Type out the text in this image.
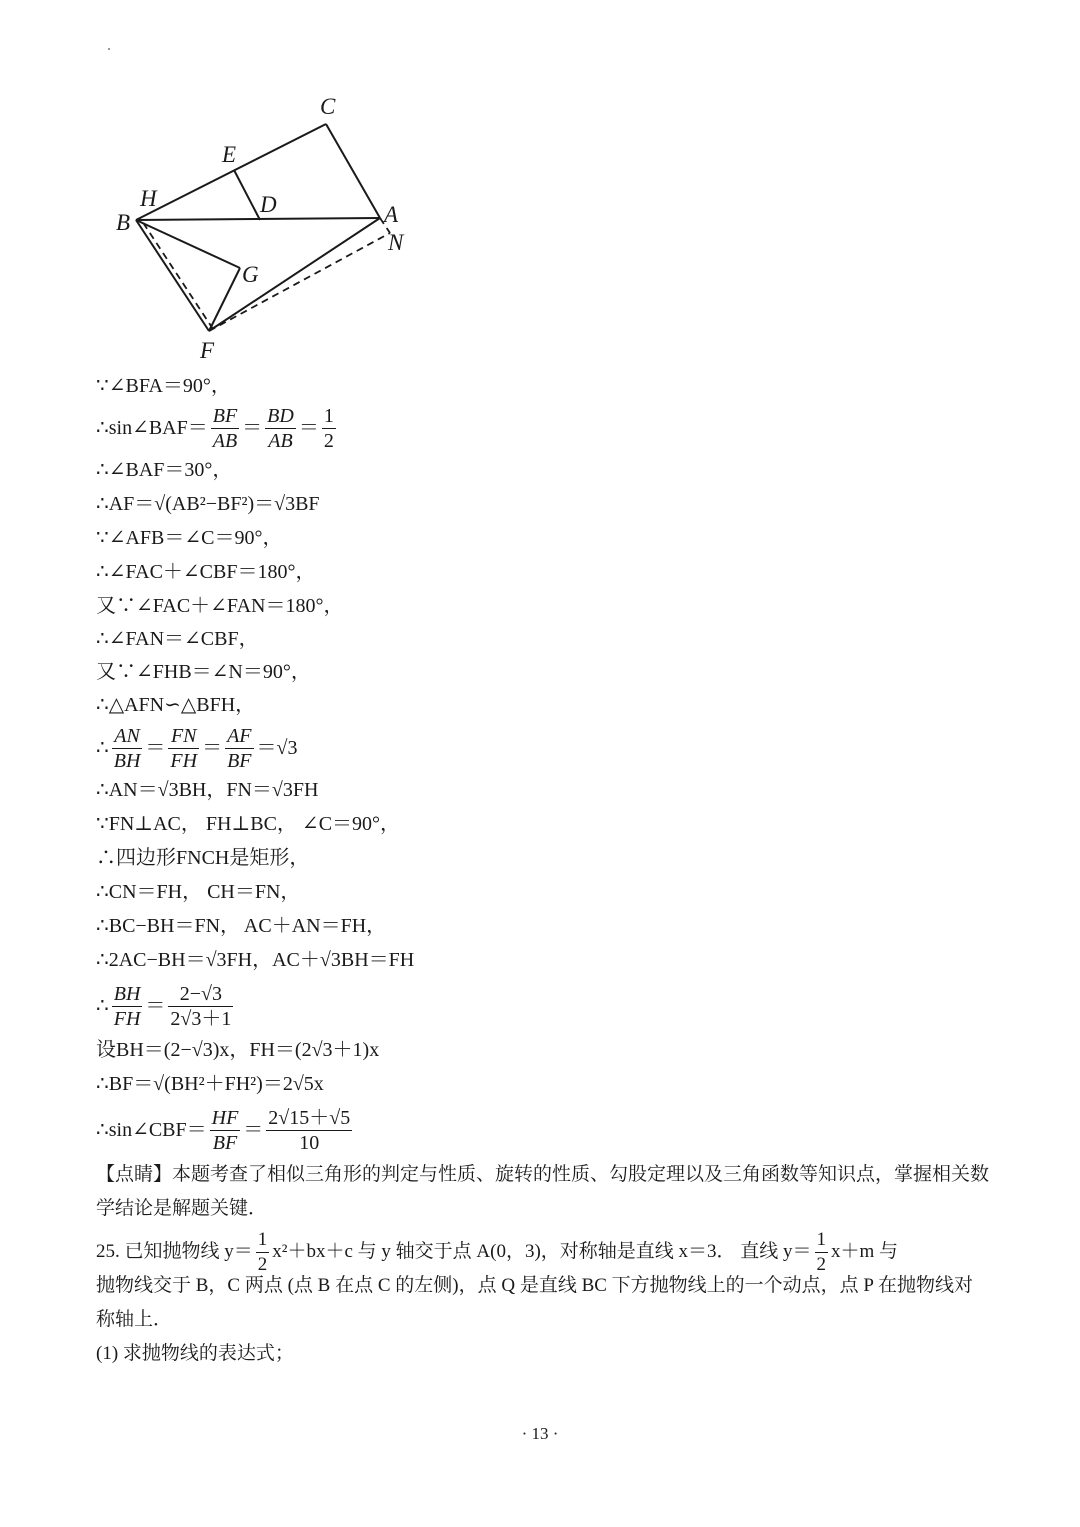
C
E
H	D
B	A
N
G
F
∵∠BFA＝90°，
∴sin∠BAF＝ $\frac{BF}{AB} = \frac{BD}{AB} = \frac{1}{2}$
∴∠BAF＝30°，
∴AF＝√(AB²−BF²)＝√3BF
∵∠AFB＝∠C＝90°，
∴∠FAC＋∠CBF＝180°，
又∵∠FAC＋∠FAN＝180°，
∴∠FAN＝∠CBF，
又∵∠FHB＝∠N＝90°，
∴△AFN∽△BFH，
∴ $\frac{AN}{BH} = \frac{FN}{FH} = \frac{AF}{BF} = √3$
∴AN＝√3BH，FN＝√3FH
∵FN⊥AC， FH⊥BC， ∠C＝90°，
∴四边形FNCH是矩形，
∴CN＝FH， CH＝FN，
∴BC−BH＝FN， AC＋AN＝FH，
∴2AC−BH＝√3FH，AC＋√3BH＝FH
∴ $\frac{BH}{FH} = \frac{2-√3}{2√3+1}$
设BH＝(2−√3)x，FH＝(2√3＋1)x
∴BF＝√(BH²＋FH²)＝2√5x
∴sin∠CBF＝ $\frac{HF}{BF} = \frac{2√15+√5}{10}$
【点睛】本题考查了相似三角形的判定与性质、旋转的性质、勾股定理以及三角函数等知识点，掌握相关数学结论是解题关键．
25. 已知抛物线 $y= \frac{1}{2} x^2+bx+c$ 与 y 轴交于点 A(0，3)，对称轴是直线 x＝3． 直线 $y= \frac{1}{2} x+m$ 与
抛物线交于 B，C 两点 (点 B 在点 C 的左侧)，点 Q 是直线 BC 下方抛物线上的一个动点，点 P 在抛物线对
称轴上．
(1) 求抛物线的表达式；
· 13 ·
